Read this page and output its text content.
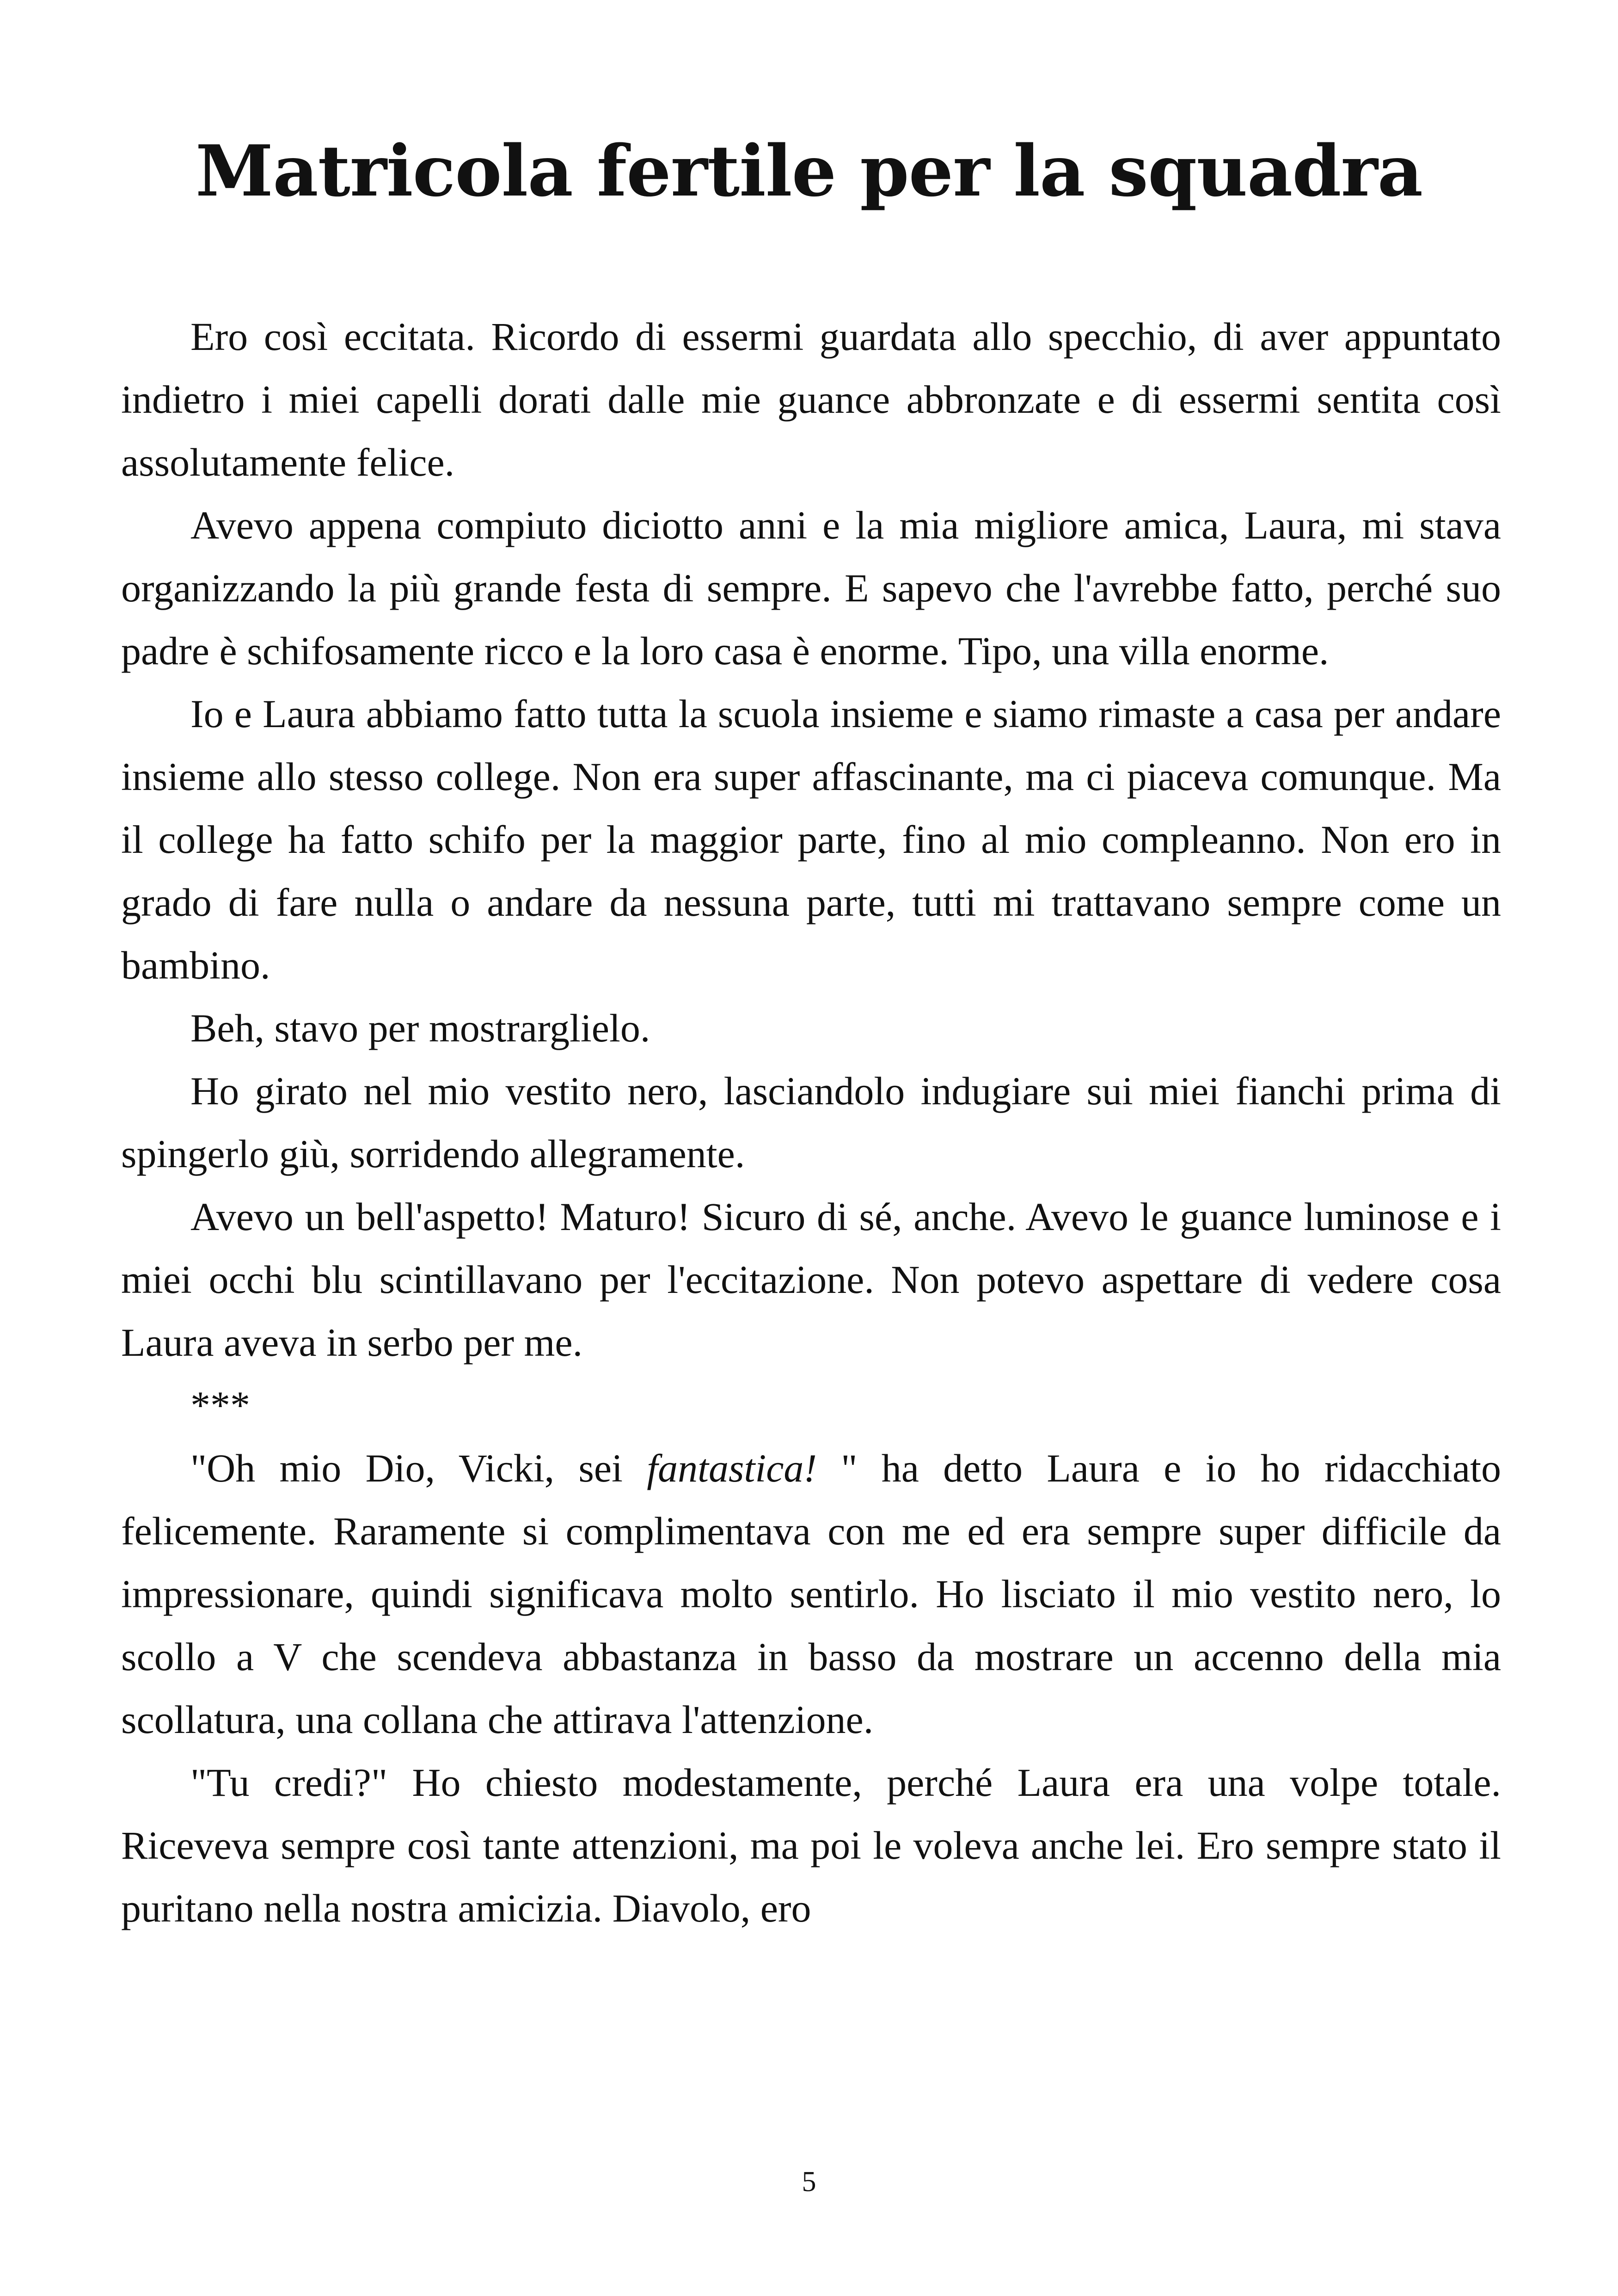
Matricola fertile per la squadra

Ero così eccitata. Ricordo di essermi guardata allo specchio, di aver appuntato indietro i miei capelli dorati dalle mie guance abbronzate e di essermi sentita così assolutamente felice.

Avevo appena compiuto diciotto anni e la mia migliore amica, Laura, mi stava organizzando la più grande festa di sempre. E sapevo che l'avrebbe fatto, perché suo padre è schifosamente ricco e la loro casa è enorme. Tipo, una villa enorme.

Io e Laura abbiamo fatto tutta la scuola insieme e siamo rimaste a casa per andare insieme allo stesso college. Non era super affascinante, ma ci piaceva comunque. Ma il college ha fatto schifo per la maggior parte, fino al mio compleanno. Non ero in grado di fare nulla o andare da nessuna parte, tutti mi trattavano sempre come un bambino.

Beh, stavo per mostrarglielo.

Ho girato nel mio vestito nero, lasciandolo indugiare sui miei fianchi prima di spingerlo giù, sorridendo allegramente.

Avevo un bell'aspetto! Maturo! Sicuro di sé, anche. Avevo le guance luminose e i miei occhi blu scintillavano per l'eccitazione. Non potevo aspettare di vedere cosa Laura aveva in serbo per me.

***

"Oh mio Dio, Vicki, sei fantastica! " ha detto Laura e io ho ridacchiato felicemente. Raramente si complimentava con me ed era sempre super difficile da impressionare, quindi significava molto sentirlo. Ho lisciato il mio vestito nero, lo scollo a V che scendeva abbastanza in basso da mostrare un accenno della mia scollatura, una collana che attirava l'attenzione.

"Tu credi?" Ho chiesto modestamente, perché Laura era una volpe totale. Riceveva sempre così tante attenzioni, ma poi le voleva anche lei. Ero sempre stato il puritano nella nostra amicizia. Diavolo, ero

5
